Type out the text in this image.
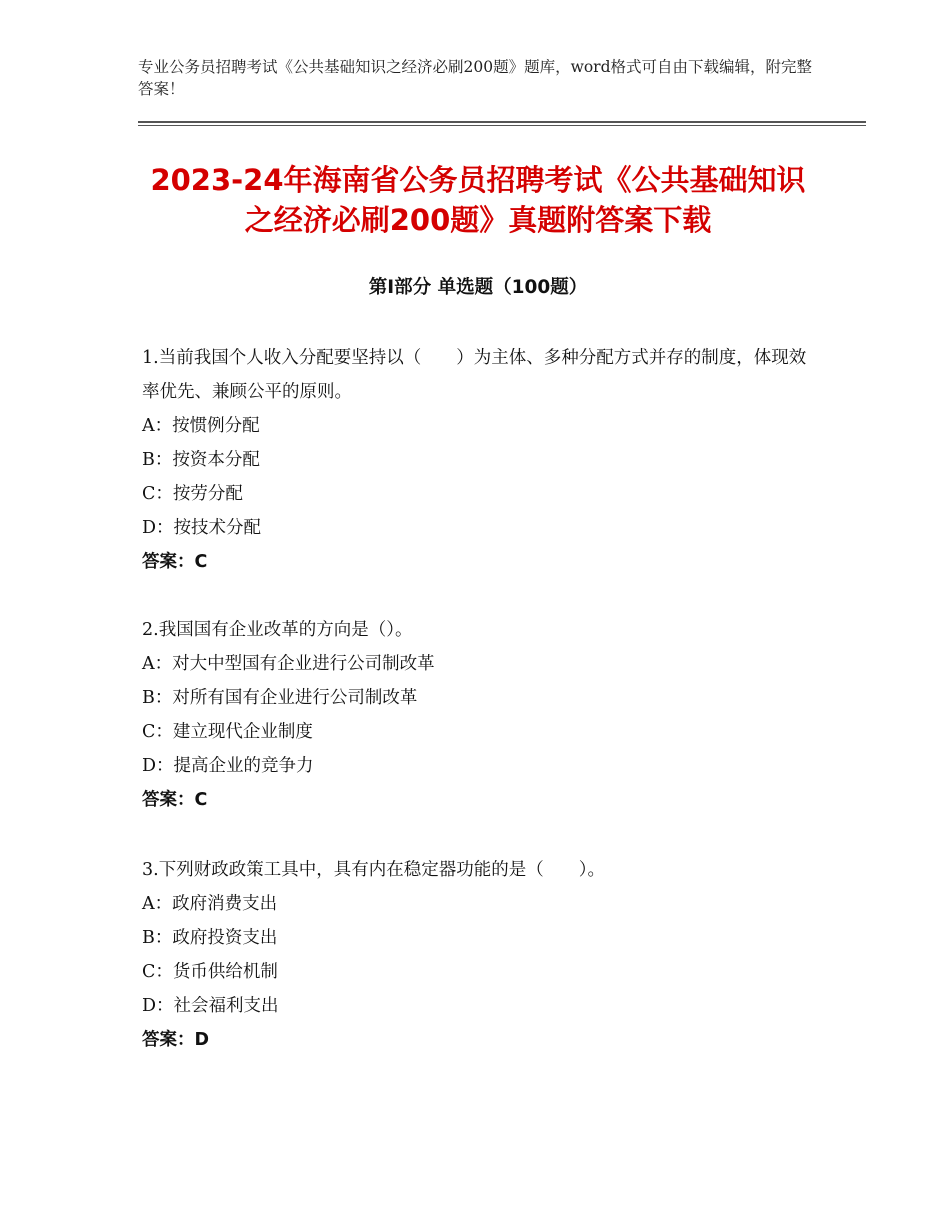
专业公务员招聘考试《公共基础知识之经济必刷200题》题库，word格式可自由下载编辑，附完整答案！
2023-24年海南省公务员招聘考试《公共基础知识之经济必刷200题》真题附答案下载
第Ⅰ部分 单选题（100题）

1.当前我国个人收入分配要坚持以（　　）为主体、多种分配方式并存的制度，体现效率优先、兼顾公平的原则。

A：按惯例分配

B：按资本分配

C：按劳分配

D：按技术分配

答案：C

2.我国国有企业改革的方向是（）。

A：对大中型国有企业进行公司制改革

B：对所有国有企业进行公司制改革

C：建立现代企业制度

D：提高企业的竞争力

答案：C

3.下列财政政策工具中，具有内在稳定器功能的是（　　）。

A：政府消费支出

B：政府投资支出

C：货币供给机制

D：社会福利支出

答案：D
